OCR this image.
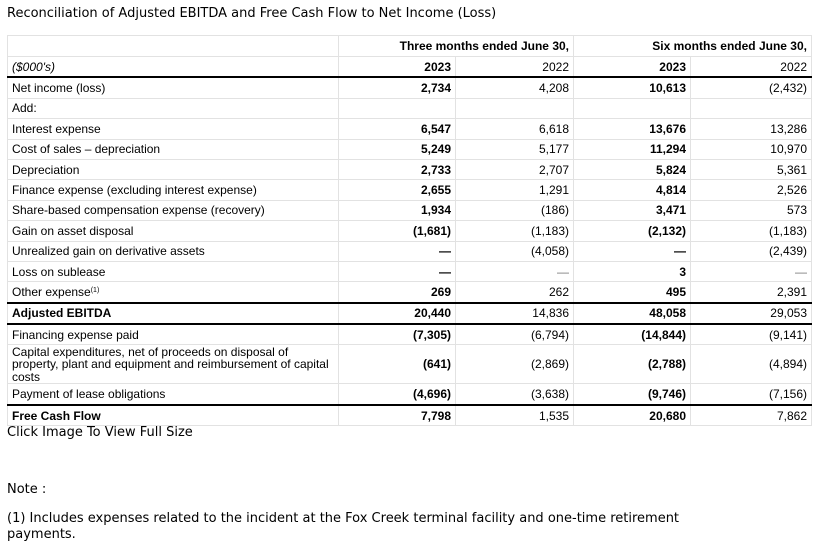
Reconciliation of Adjusted EBITDA and Free Cash Flow to Net Income (Loss)
	Three months ended June 30,		Six months ended June 30,	
($000's)	2023	2022	2023	2022
Net income (loss)	2,734	4,208	10,613	(2,432)
Add:				
Interest expense	6,547	6,618	13,676	13,286
Cost of sales – depreciation	5,249	5,177	11,294	10,970
Depreciation	2,733	2,707	5,824	5,361
Finance expense (excluding interest expense)	2,655	1,291	4,814	2,526
Share-based compensation expense (recovery)	1,934	(186)	3,471	573
Gain on asset disposal	(1,681)	(1,183)	(2,132)	(1,183)
Unrealized gain on derivative assets	—	(4,058)	—	(2,439)
Loss on sublease	—	—	3	—
Other expense$^{(1)}$	269	262	495	2,391
Adjusted EBITDA	20,440	14,836	48,058	29,053
Financing expense paid	(7,305)	(6,794)	(14,844)	(9,141)
Capital expenditures, net of proceeds on disposal of property, plant and equipment and reimbursement of capital costs	(641)	(2,869)	(2,788)	(4,894)
Payment of lease obligations	(4,696)	(3,638)	(9,746)	(7,156)
Free Cash Flow	7,798	1,535	20,680	7,862
Click Image To View Full Size
Note :
(1) Includes expenses related to the incident at the Fox Creek terminal facility and one-time retirement payments.
